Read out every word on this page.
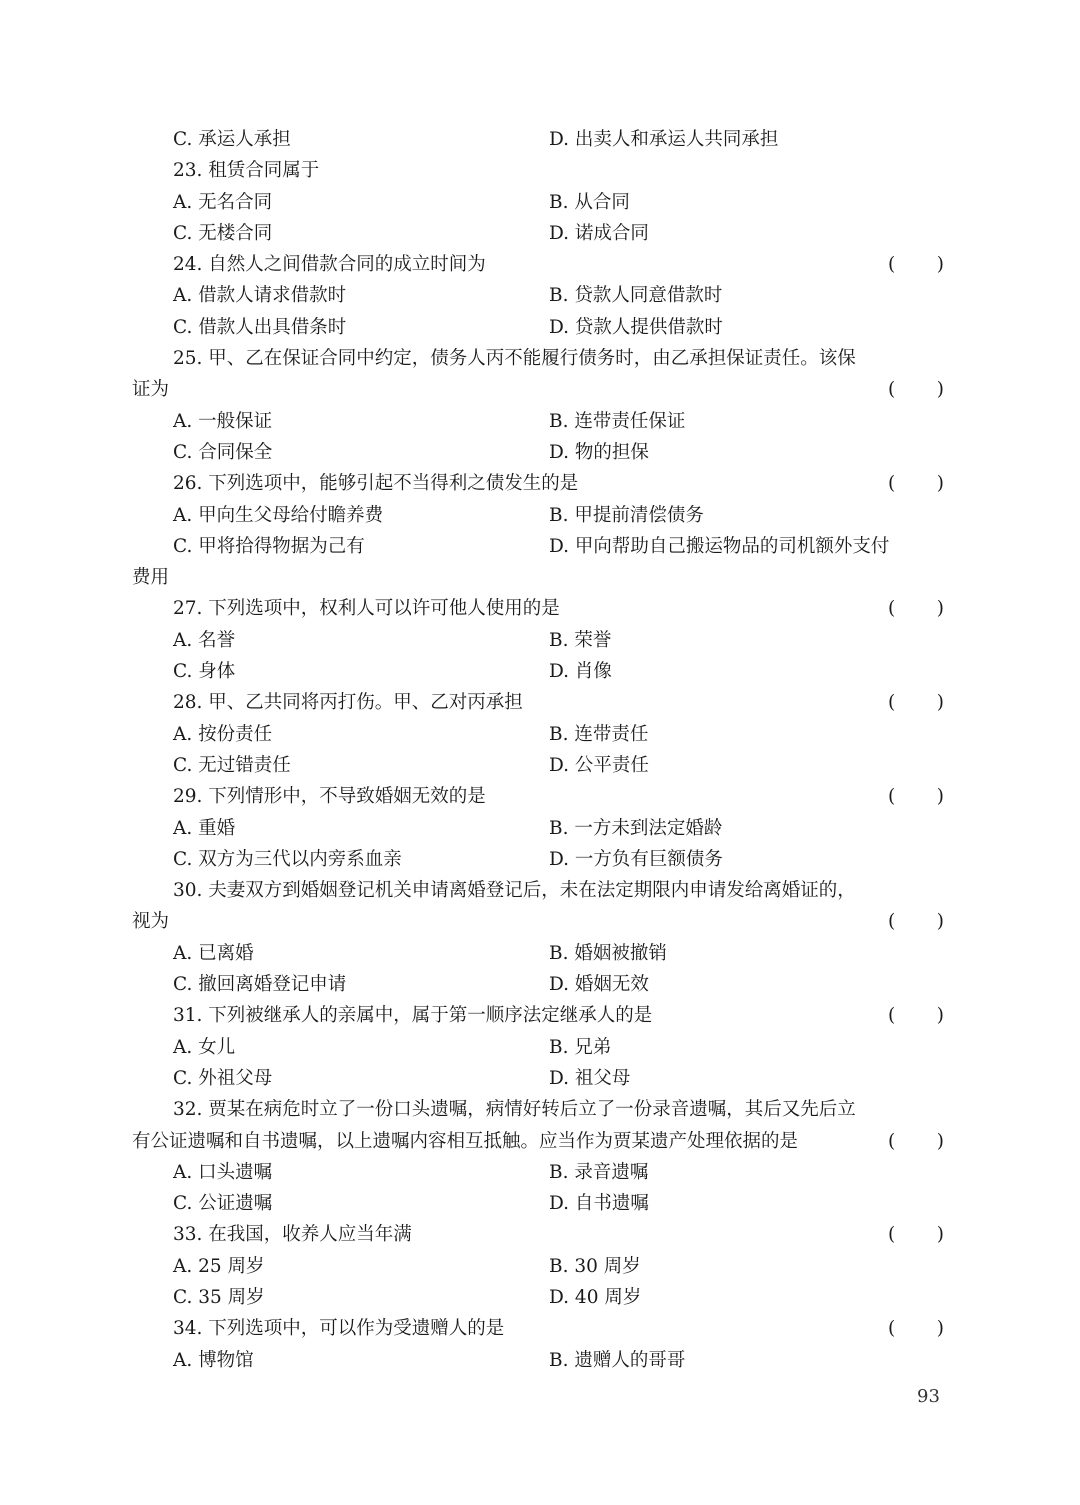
C. 承运人承担	D. 出卖人和承运人共同承担
23. 租赁合同属于
A. 无名合同	B. 从合同
C. 无楼合同	D. 诺成合同
24. 自然人之间借款合同的成立时间为	( )
A. 借款人请求借款时	B. 贷款人同意借款时
C. 借款人出具借条时	D. 贷款人提供借款时
25. 甲、乙在保证合同中约定，债务人丙不能履行债务时，由乙承担保证责任。该保
证为	( )
A. 一般保证	B. 连带责任保证
C. 合同保全	D. 物的担保
26. 下列选项中，能够引起不当得利之债发生的是	( )
A. 甲向生父母给付瞻养费	B. 甲提前清偿债务
C. 甲将拾得物据为己有	D. 甲向帮助自己搬运物品的司机额外支付
费用
27. 下列选项中，权利人可以许可他人使用的是	( )
A. 名誉	B. 荣誉
C. 身体	D. 肖像
28. 甲、乙共同将丙打伤。甲、乙对丙承担	( )
A. 按份责任	B. 连带责任
C. 无过错责任	D. 公平责任
29. 下列情形中，不导致婚姻无效的是	( )
A. 重婚	B. 一方未到法定婚龄
C. 双方为三代以内旁系血亲	D. 一方负有巨额债务
30. 夫妻双方到婚姻登记机关申请离婚登记后，未在法定期限内申请发给离婚证的，
视为	( )
A. 已离婚	B. 婚姻被撤销
C. 撤回离婚登记申请	D. 婚姻无效
31. 下列被继承人的亲属中，属于第一顺序法定继承人的是	( )
A. 女儿	B. 兄弟
C. 外祖父母	D. 祖父母
32. 贾某在病危时立了一份口头遗嘱，病情好转后立了一份录音遗嘱，其后又先后立
有公证遗嘱和自书遗嘱，以上遗嘱内容相互抵触。应当作为贾某遗产处理依据的是	( )
A. 口头遗嘱	B. 录音遗嘱
C. 公证遗嘱	D. 自书遗嘱
33. 在我国，收养人应当年满	( )
A. 25 周岁	B. 30 周岁
C. 35 周岁	D. 40 周岁
34. 下列选项中，可以作为受遗赠人的是	( )
A. 博物馆	B. 遗赠人的哥哥
93
